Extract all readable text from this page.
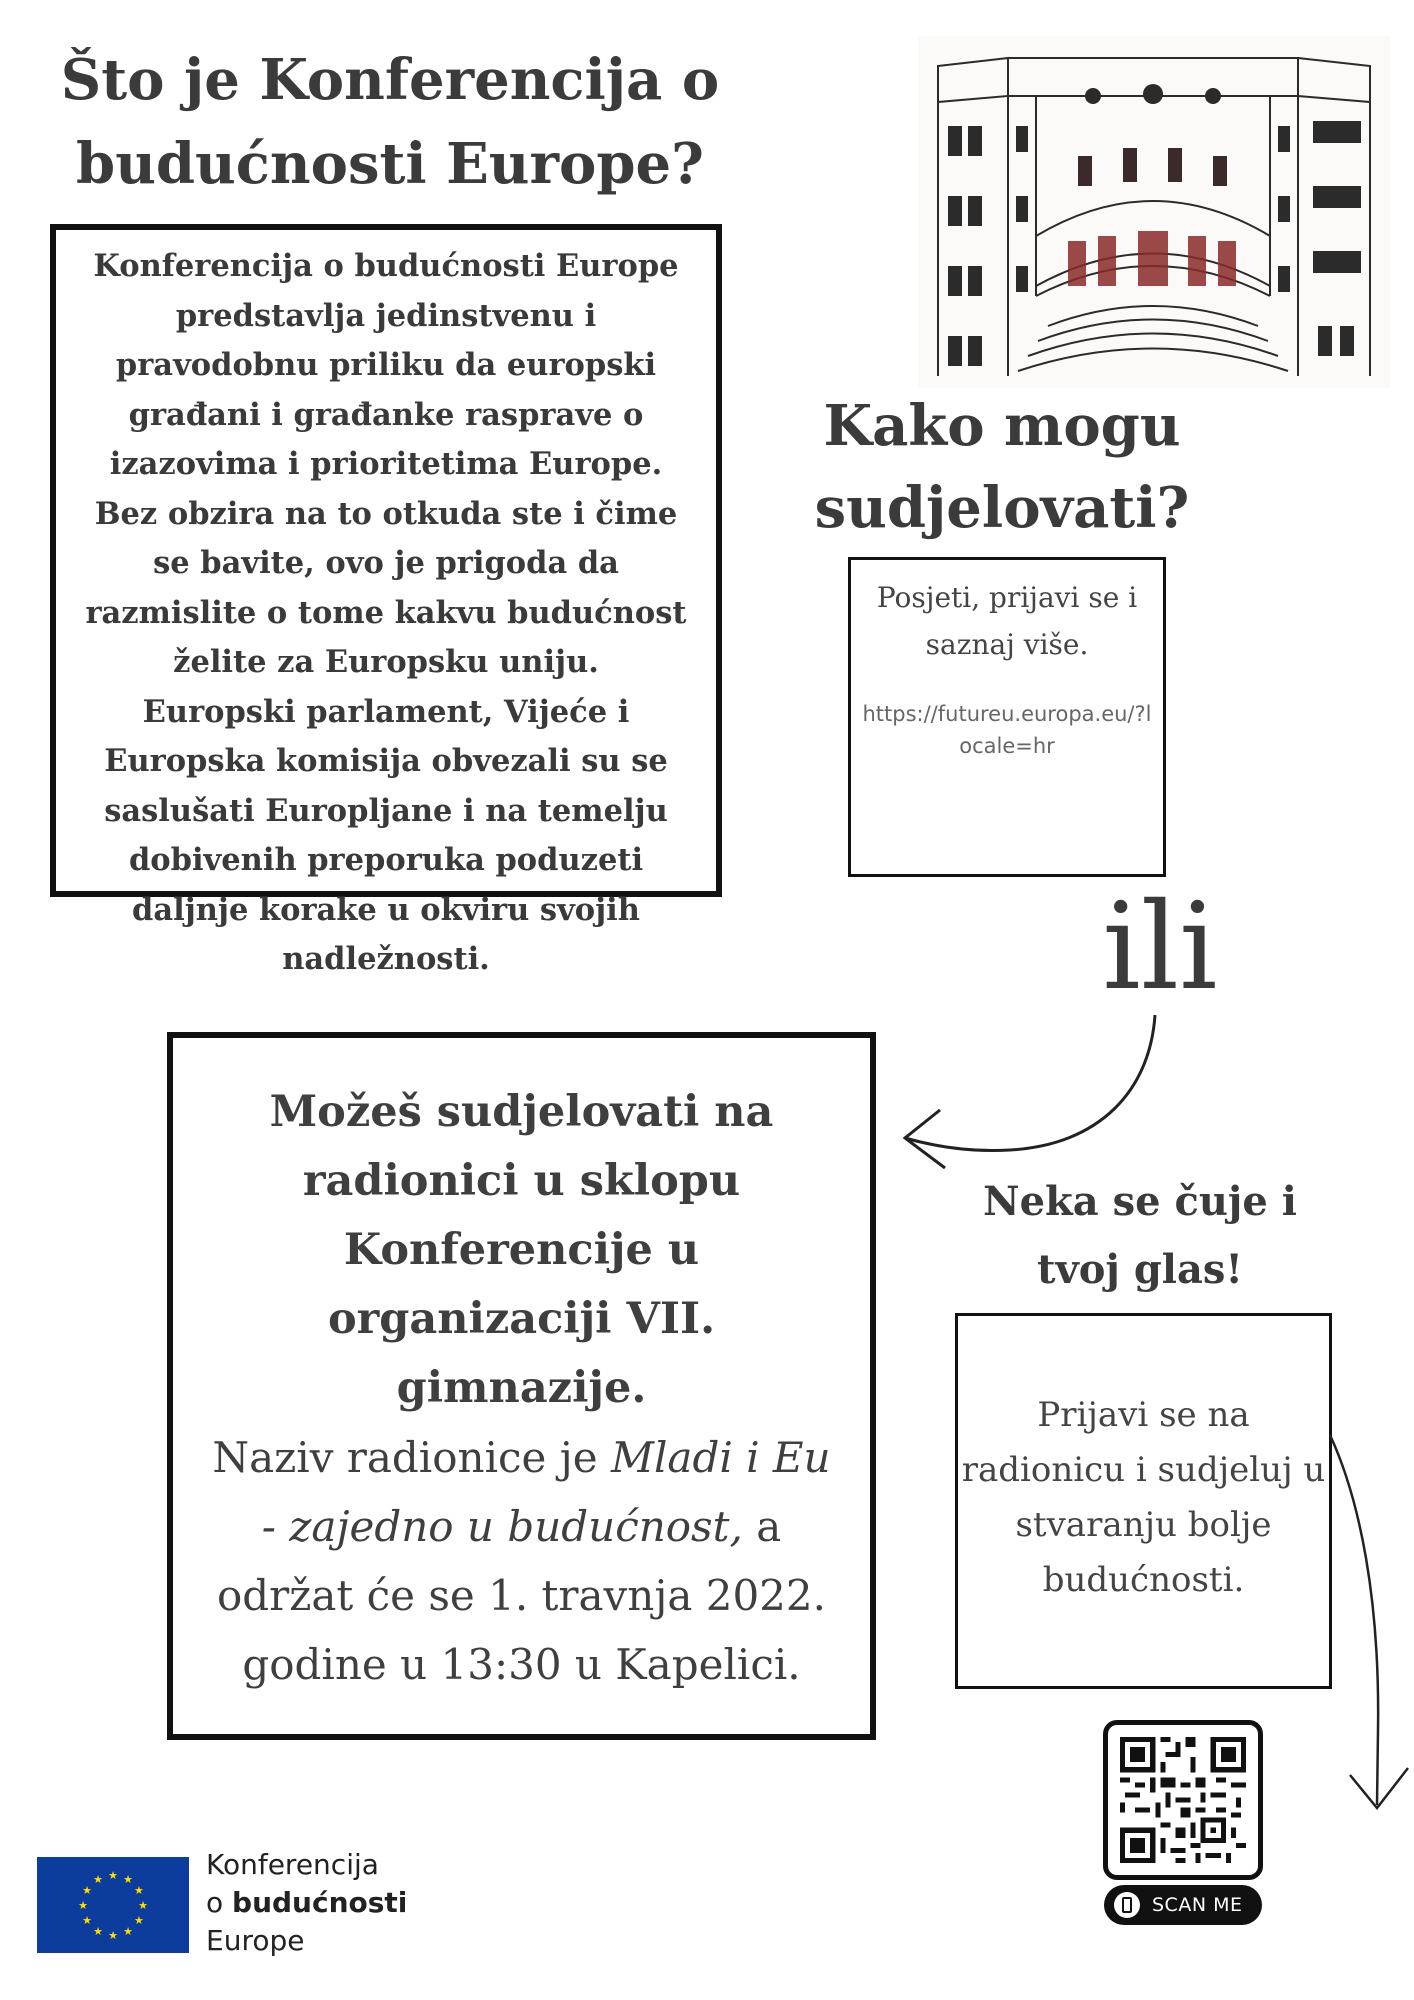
Što je Konferencija o
budućnosti Europe?

Konferencija o budućnosti Europe predstavlja jedinstvenu i pravodobnu priliku da europski građani i građanke rasprave o izazovima i prioritetima Europe. Bez obzira na to otkuda ste i čime se bavite, ovo je prigoda da razmislite o tome kakvu budućnost želite za Europsku uniju.

Europski parlament, Vijeće i Europska komisija obvezali su se saslušati Europljane i na temelju dobivenih preporuka poduzeti daljnje korake u okviru svojih nadležnosti.

Kako mogu
sudjelovati?
Posjeti, prijavi se i saznaj više.
https://futureu.europa.eu/?locale=hr
ili
Možeš sudjelovati na radionici u sklopu Konferencije u organizaciji VII. gimnazije.
Naziv radionice je Mladi i Eu - zajedno u budućnost, a održat će se 1. travnja 2022. godine u 13:30 u Kapelici.
Neka se čuje i
tvoj glas!
Prijavi se na radionicu i sudjeluj u stvaranju bolje budućnosti.
SCAN ME
★ ★
★
★
★
★
★
★
★
★
★
★	Konferencija
o budućnosti
Europe
